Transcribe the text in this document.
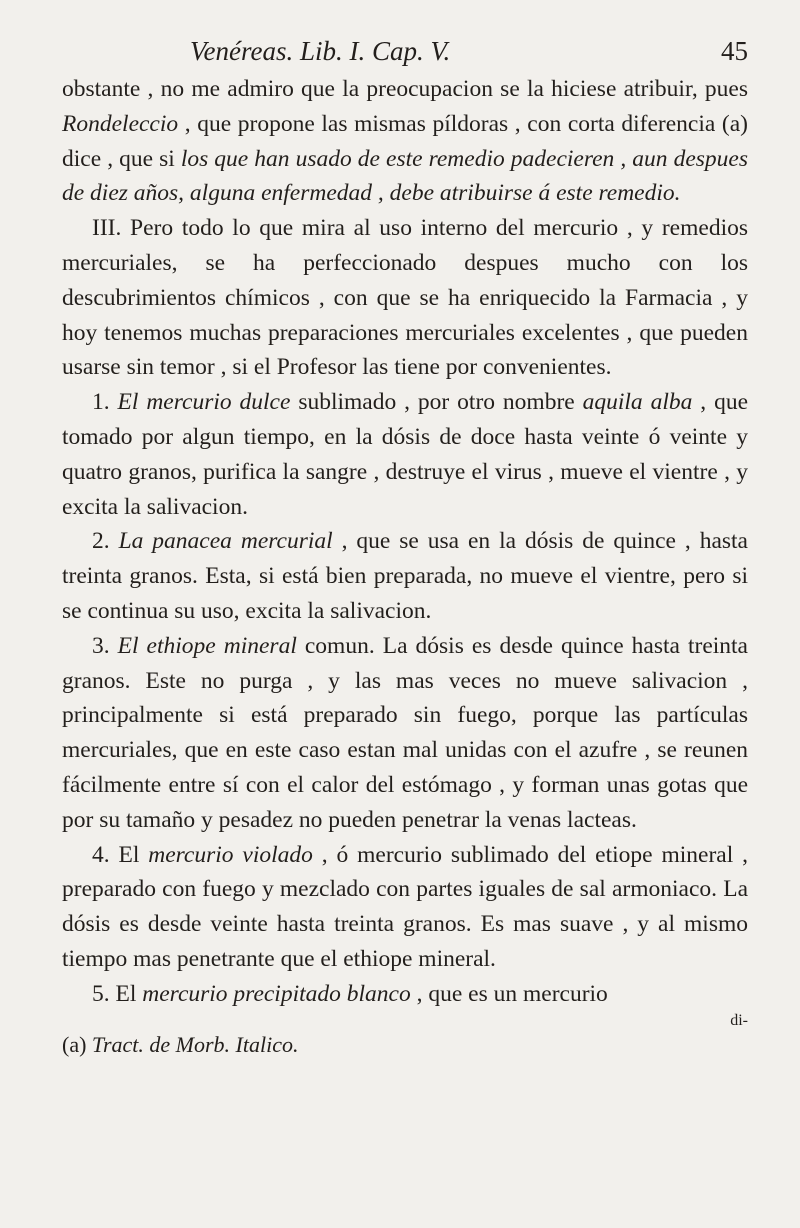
Venéreas. Lib. I. Cap. V.	45

obstante , no me admiro que la preocupacion se la hiciese atribuir, pues Rondeleccio , que propone las mismas píldoras , con corta diferencia (a) dice , que si los que han usado de este remedio padecieren , aun despues de diez años, alguna enfermedad , debe atribuirse á este remedio.

III. Pero todo lo que mira al uso interno del mercurio , y remedios mercuriales, se ha perfeccionado despues mucho con los descubrimientos chímicos , con que se ha enriquecido la Farmacia , y hoy tenemos muchas preparaciones mercuriales excelentes , que pueden usarse sin temor , si el Profesor las tiene por convenientes.

1. El mercurio dulce sublimado , por otro nombre aquila alba , que tomado por algun tiempo, en la dósis de doce hasta veinte ó veinte y quatro granos, purifica la sangre , destruye el virus , mueve el vientre , y excita la salivacion.

2. La panacea mercurial , que se usa en la dósis de quince , hasta treinta granos. Esta, si está bien preparada, no mueve el vientre, pero si se continua su uso, excita la salivacion.

3. El ethiope mineral comun. La dósis es desde quince hasta treinta granos. Este no purga , y las mas veces no mueve salivacion , principalmente si está preparado sin fuego, porque las partículas mercuriales, que en este caso estan mal unidas con el azufre , se reunen fácilmente entre sí con el calor del estómago , y forman unas gotas que por su tamaño y pesadez no pueden penetrar la venas lacteas.

4. El mercurio violado , ó mercurio sublimado del etiope mineral , preparado con fuego y mezclado con partes iguales de sal armoniaco. La dósis es desde veinte hasta treinta granos. Es mas suave , y al mismo tiempo mas penetrante que el ethiope mineral.

5. El mercurio precipitado blanco , que es un mercurio

di-

(a) Tract. de Morb. Italico.
